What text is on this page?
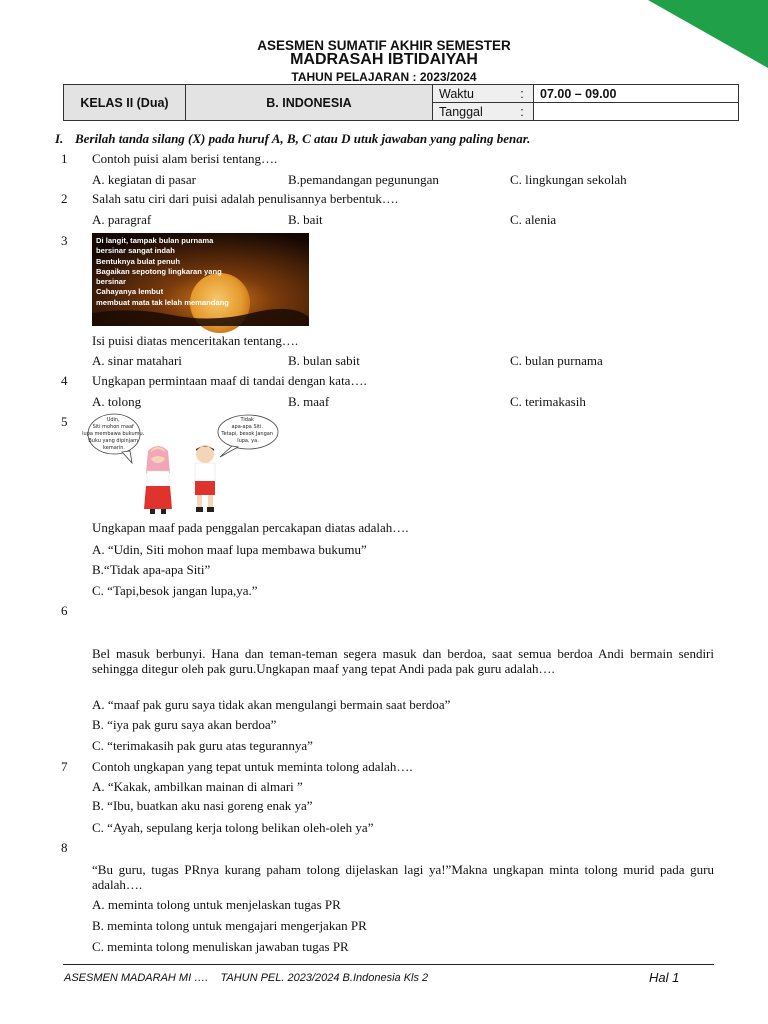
ASESMEN SUMATIF AKHIR SEMESTER
MADRASAH IBTIDAIYAH
TAHUN PELAJARAN : 2023/2024
KELAS II (Dua)	B. INDONESIA	Waktu	:	07.00 – 09.00
		Tanggal	:	
I. Berilah tanda silang (X) pada huruf A, B, C atau D utuk jawaban yang paling benar.
1 Contoh puisi alam berisi tentang….
A. kegiatan di pasar	B.pemandangan pegunungan	C. lingkungan sekolah
2 Salah satu ciri dari puisi adalah penulisannya berbentuk….
A. paragraf	B. bait	C. alenia
3	Di langit, tampak bulan purnama
bersinar sangat indah
Bentuknya bulat penuh
Bagaikan sepotong lingkaran yang
bersinar
Cahayanya lembut
membuat mata tak lelah memandang
Isi puisi diatas menceritakan tentang….
A. sinar matahari	B. bulan sabit	C. bulan purnama
4 Ungkapan permintaan maaf di tandai dengan kata….
A. tolong	B. maaf	C. terimakasih
5	Udin, Siti mohon maaf lupa membawa bukumu. Buku yang dipinjam kemarin.
Tidak apa-apa Siti. Tetapi, besok Jangan lupa, ya.
Ungkapan maaf pada penggalan percakapan diatas adalah….
A. “Udin, Siti mohon maaf lupa membawa bukumu”
B.“Tidak apa-apa Siti”
C. “Tapi,besok jangan lupa,ya.”
6
Bel masuk berbunyi. Hana dan teman-teman segera masuk dan berdoa, saat semua berdoa Andi bermain sendiri sehingga ditegur oleh pak guru.Ungkapan maaf yang tepat Andi pada pak guru adalah….
A. “maaf pak guru saya tidak akan mengulangi bermain saat berdoa”
B. “iya pak guru saya akan berdoa”
C. “terimakasih pak guru atas tegurannya”
7 Contoh ungkapan yang tepat untuk meminta tolong adalah….
A. “Kakak, ambilkan mainan di almari ”
B. “Ibu, buatkan aku nasi goreng enak ya”
C. “Ayah, sepulang kerja tolong belikan oleh-oleh ya”
8
“Bu guru, tugas PRnya kurang paham tolong dijelaskan lagi ya!”Makna ungkapan minta tolong murid pada guru adalah….
A. meminta tolong untuk menjelaskan tugas PR
B. meminta tolong untuk mengajari mengerjakan PR
C. meminta tolong menuliskan jawaban tugas PR
ASESMEN MADARAH MI ….    TAHUN PEL. 2023/2024 B.Indonesia Kls 2	Hal 1
